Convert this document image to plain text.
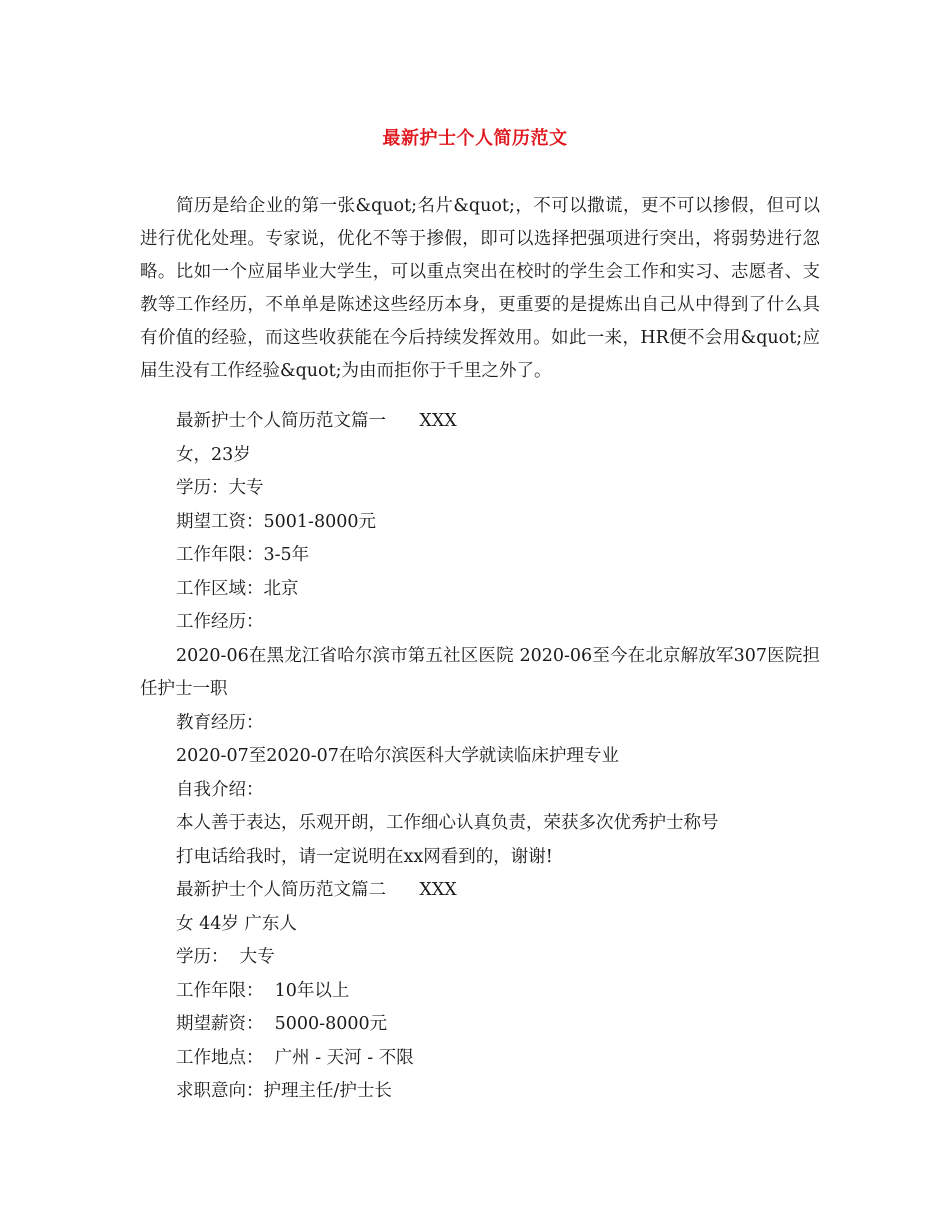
最新护士个人简历范文

简历是给企业的第一张&quot;名片&quot;，不可以撒谎，更不可以掺假，但可以进行优化处理。专家说，优化不等于掺假，即可以选择把强项进行突出，将弱势进行忽略。比如一个应届毕业大学生，可以重点突出在校时的学生会工作和实习、志愿者、支教等工作经历，不单单是陈述这些经历本身，更重要的是提炼出自己从中得到了什么具有价值的经验，而这些收获能在今后持续发挥效用。如此一来，HR便不会用&quot;应届生没有工作经验&quot;为由而拒你于千里之外了。

最新护士个人简历范文篇一      XXX
女，23岁
学历：大专
期望工资：5001-8000元
工作年限：3-5年
工作区域：北京
工作经历：
2020-06在黑龙江省哈尔滨市第五社区医院 2020-06至今在北京解放军307医院担任护士一职
教育经历：
2020-07至2020-07在哈尔滨医科大学就读临床护理专业
自我介绍：
本人善于表达，乐观开朗，工作细心认真负责，荣获多次优秀护士称号
打电话给我时，请一定说明在xx网看到的，谢谢!
最新护士个人简历范文篇二      XXX
女 44岁 广东人
学历：  大专
工作年限：  10年以上
期望薪资：  5000-8000元
工作地点：  广州 - 天河 - 不限
求职意向：护理主任/护士长
